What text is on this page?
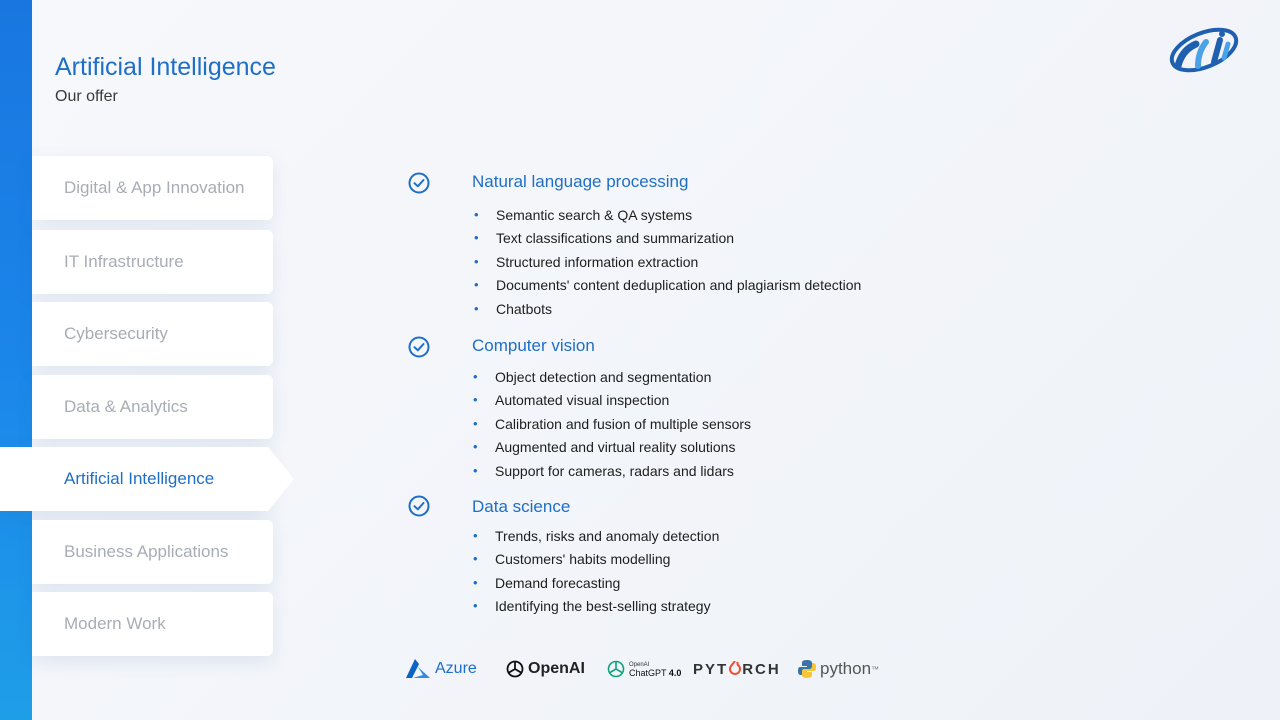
Artificial Intelligence
Our offer
Digital & App Innovation
IT Infrastructure
Cybersecurity
Data & Analytics
Artificial Intelligence
Business Applications
Modern Work
Natural language processing
• Semantic search & QA systems
• Text classifications and summarization
• Structured information extraction
• Documents' content deduplication and plagiarism detection
• Chatbots
Computer vision
• Object detection and segmentation
• Automated visual inspection
• Calibration and fusion of multiple sensors
• Augmented and virtual reality solutions
• Support for cameras, radars and lidars
Data science
• Trends, risks and anomaly detection
• Customers' habits modelling
• Demand forecasting
• Identifying the best-selling strategy
Azure	OpenAI	OpenAI
ChatGPT 4.0 PYT RCH python ™
